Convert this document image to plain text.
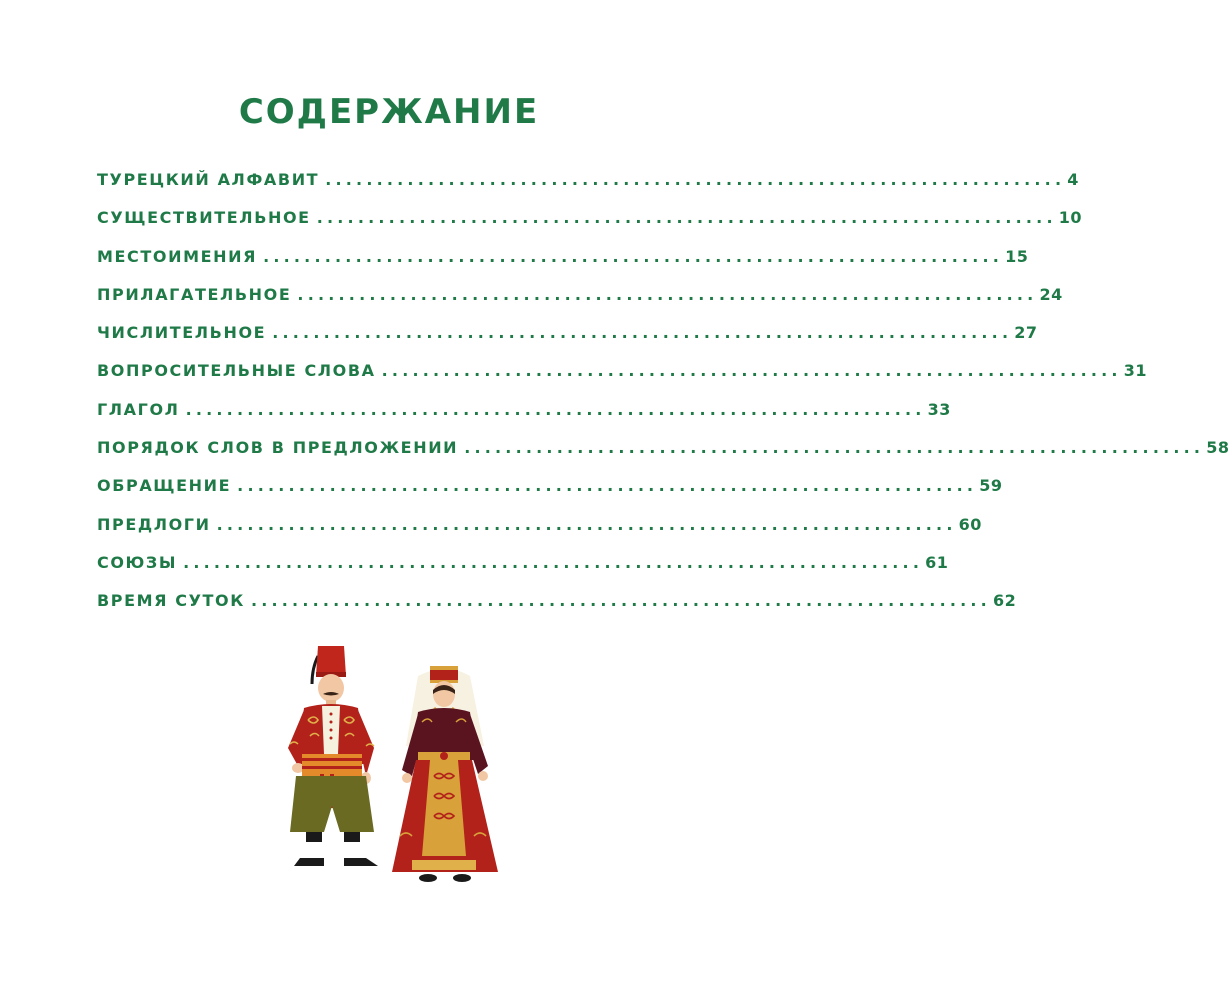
СОДЕРЖАНИЕ
ТУРЕЦКИЙ АЛФАВИТ ........................................................................ 4
СУЩЕСТВИТЕЛЬНОЕ ........................................................................ 10
МЕСТОИМЕНИЯ ........................................................................ 15
ПРИЛАГАТЕЛЬНОЕ ........................................................................ 24
ЧИСЛИТЕЛЬНОЕ ........................................................................ 27
ВОПРОСИТЕЛЬНЫЕ СЛОВА ........................................................................ 31
ГЛАГОЛ ........................................................................ 33
ПОРЯДОК СЛОВ В ПРЕДЛОЖЕНИИ ........................................................................ 58
ОБРАЩЕНИЕ ........................................................................ 59
ПРЕДЛОГИ ........................................................................ 60
СОЮЗЫ ........................................................................ 61
ВРЕМЯ СУТОК ........................................................................ 62
